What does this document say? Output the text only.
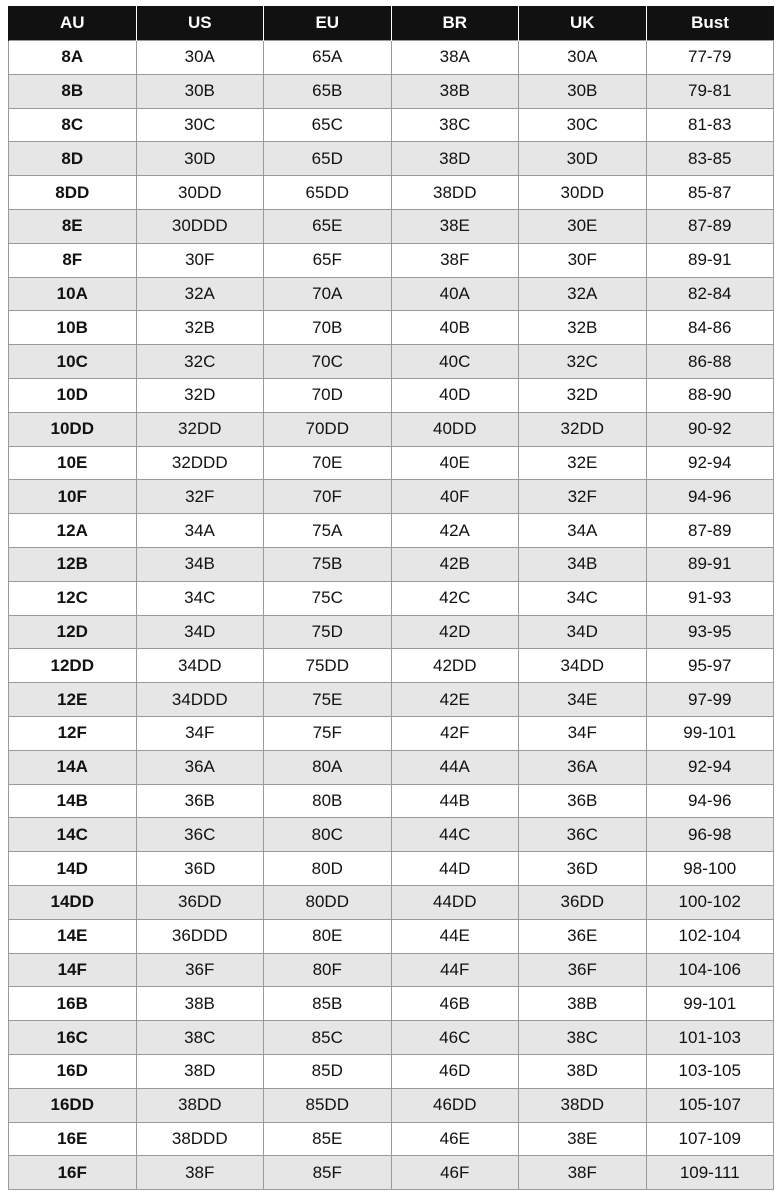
AU	US	EU	BR	UK	Bust
8A	30A	65A	38A	30A	77-79
8B	30B	65B	38B	30B	79-81
8C	30C	65C	38C	30C	81-83
8D	30D	65D	38D	30D	83-85
8DD	30DD	65DD	38DD	30DD	85-87
8E	30DDD	65E	38E	30E	87-89
8F	30F	65F	38F	30F	89-91
10A	32A	70A	40A	32A	82-84
10B	32B	70B	40B	32B	84-86
10C	32C	70C	40C	32C	86-88
10D	32D	70D	40D	32D	88-90
10DD	32DD	70DD	40DD	32DD	90-92
10E	32DDD	70E	40E	32E	92-94
10F	32F	70F	40F	32F	94-96
12A	34A	75A	42A	34A	87-89
12B	34B	75B	42B	34B	89-91
12C	34C	75C	42C	34C	91-93
12D	34D	75D	42D	34D	93-95
12DD	34DD	75DD	42DD	34DD	95-97
12E	34DDD	75E	42E	34E	97-99
12F	34F	75F	42F	34F	99-101
14A	36A	80A	44A	36A	92-94
14B	36B	80B	44B	36B	94-96
14C	36C	80C	44C	36C	96-98
14D	36D	80D	44D	36D	98-100
14DD	36DD	80DD	44DD	36DD	100-102
14E	36DDD	80E	44E	36E	102-104
14F	36F	80F	44F	36F	104-106
16B	38B	85B	46B	38B	99-101
16C	38C	85C	46C	38C	101-103
16D	38D	85D	46D	38D	103-105
16DD	38DD	85DD	46DD	38DD	105-107
16E	38DDD	85E	46E	38E	107-109
16F	38F	85F	46F	38F	109-111
